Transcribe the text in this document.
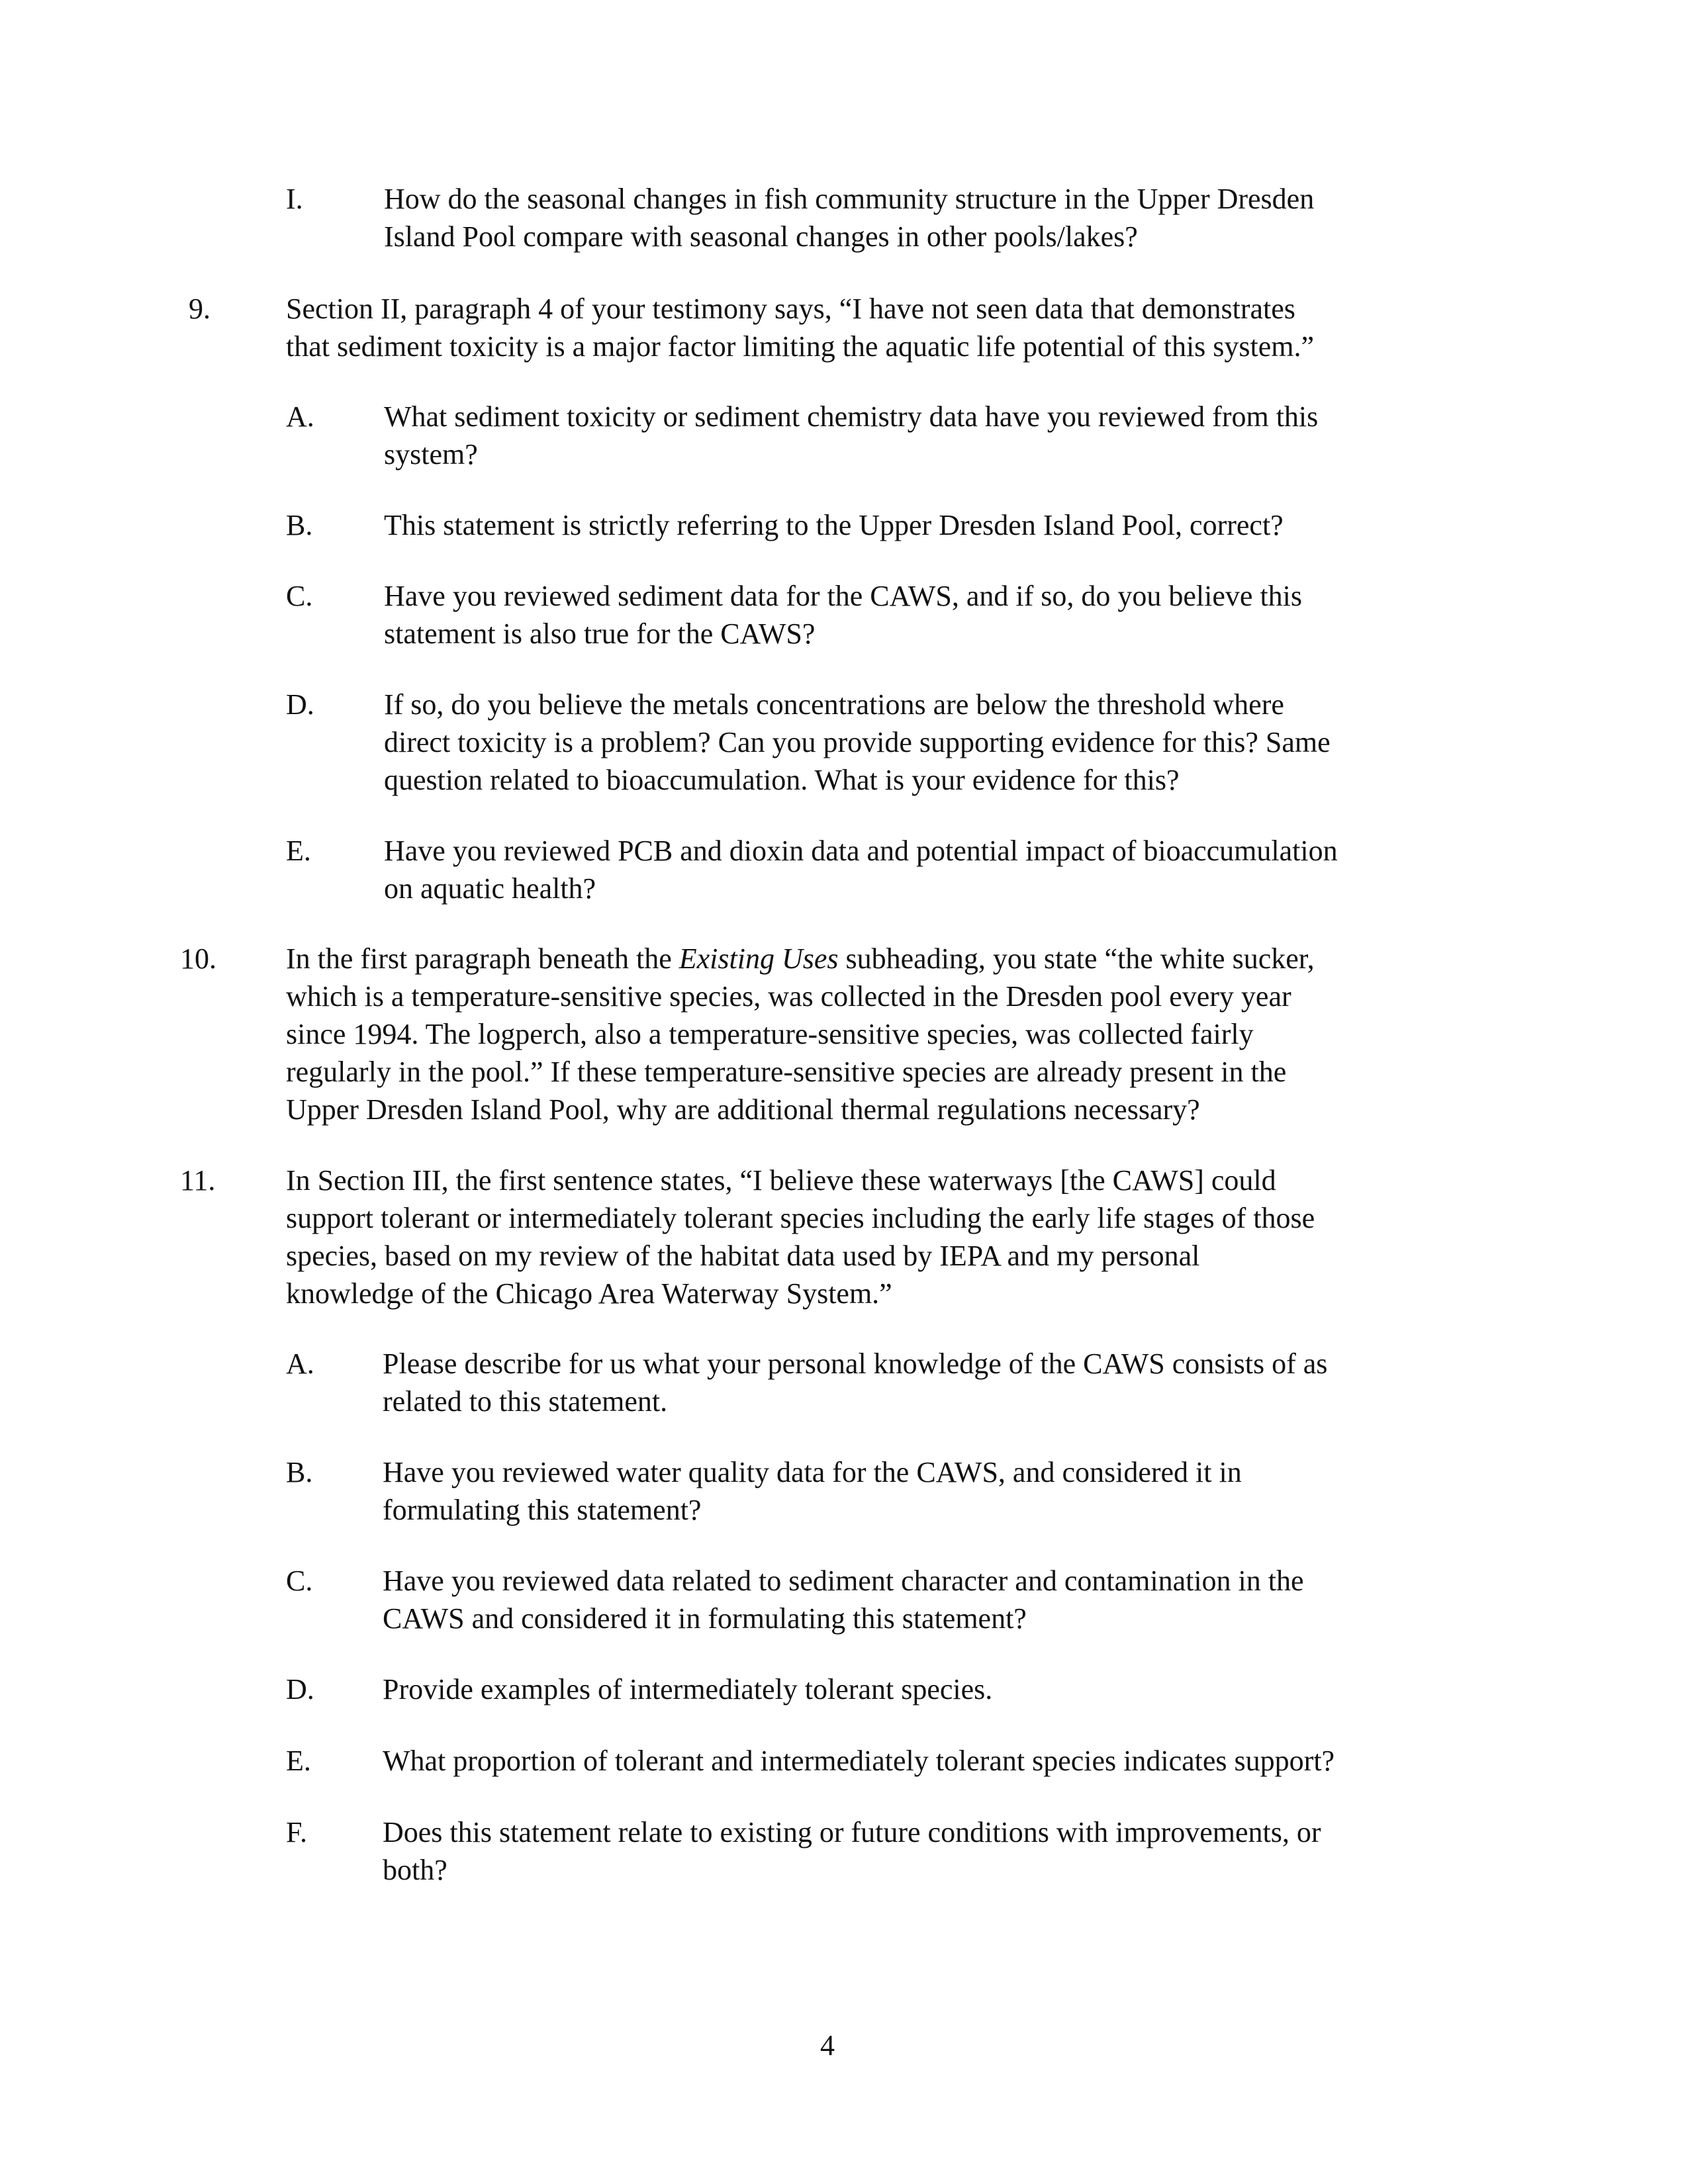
I.	How do the seasonal changes in fish community structure in the Upper Dresden
Island Pool compare with seasonal changes in other pools/lakes?
9.	Section II, paragraph 4 of your testimony says, “I have not seen data that demonstrates
that sediment toxicity is a major factor limiting the aquatic life potential of this system.”
A. What sediment toxicity or sediment chemistry data have you reviewed from this
system?
B. This statement is strictly referring to the Upper Dresden Island Pool, correct?
C. Have you reviewed sediment data for the CAWS, and if so, do you believe this
statement is also true for the CAWS?
D. If so, do you believe the metals concentrations are below the threshold where
direct toxicity is a problem? Can you provide supporting evidence for this? Same
question related to bioaccumulation. What is your evidence for this?
E.	Have you reviewed PCB and dioxin data and potential impact of bioaccumulation
on aquatic health?
10. In the first paragraph beneath the Existing Uses subheading, you state “the white sucker,
which is a temperature-sensitive species, was collected in the Dresden pool every year
since 1994. The logperch, also a temperature-sensitive species, was collected fairly
regularly in the pool.” If these temperature-sensitive species are already present in the
Upper Dresden Island Pool, why are additional thermal regulations necessary?
11. In Section III, the first sentence states, “I believe these waterways [the CAWS] could
support tolerant or intermediately tolerant species including the early life stages of those
species, based on my review of the habitat data used by IEPA and my personal
knowledge of the Chicago Area Waterway System.”
A. Please describe for us what your personal knowledge of the CAWS consists of as
related to this statement.
B. Have you reviewed water quality data for the CAWS, and considered it in
formulating this statement?
C. Have you reviewed data related to sediment character and contamination in the
CAWS and considered it in formulating this statement?
D. Provide examples of intermediately tolerant species.
E. What proportion of tolerant and intermediately tolerant species indicates support?
F.	Does this statement relate to existing or future conditions with improvements, or
both?
4
